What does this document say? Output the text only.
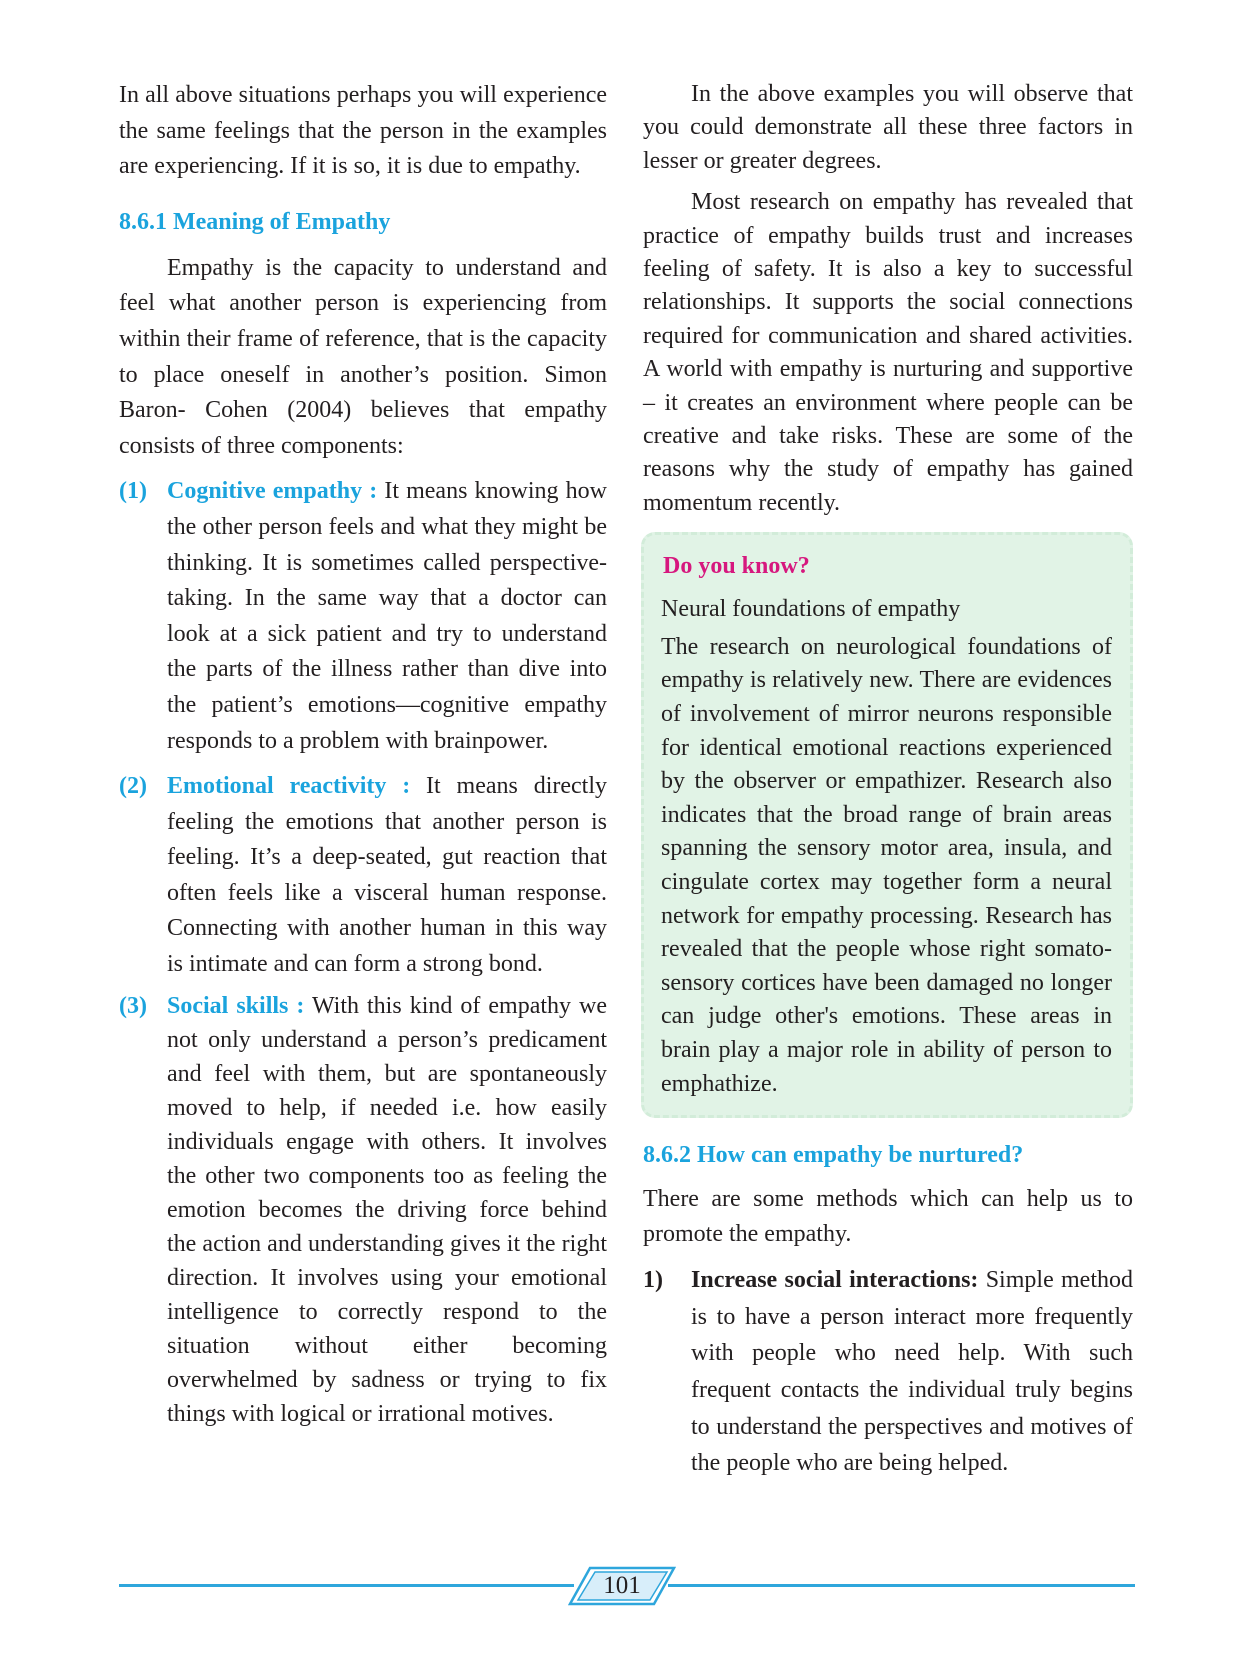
In all above situations perhaps you will experience the same feelings that the person in the examples are experiencing. If it is so, it is due to empathy.

8.6.1 Meaning of Empathy

Empathy is the capacity to understand and feel what another person is experiencing from within their frame of reference, that is the capacity to place oneself in another’s position. Simon Baron- Cohen (2004) believes that empathy consists of three components:

(1) Cognitive empathy : It means knowing how the other person feels and what they might be thinking. It is sometimes called perspective-taking. In the same way that a doctor can look at a sick patient and try to understand the parts of the illness rather than dive into the patient’s emotions—cognitive empathy responds to a problem with brainpower.

(2) Emotional reactivity : It means directly feeling the emotions that another person is feeling. It’s a deep-seated, gut reaction that often feels like a visceral human response. Connecting with another human in this way is intimate and can form a strong bond.

(3) Social skills : With this kind of empathy we not only understand a person’s predicament and feel with them, but are spontaneously moved to help, if needed i.e. how easily individuals engage with others. It involves the other two components too as feeling the emotion becomes the driving force behind the action and understanding gives it the right direction. It involves using your emotional intelligence to correctly respond to the situation without either becoming overwhelmed by sadness or trying to fix things with logical or irrational motives.

In the above examples you will observe that you could demonstrate all these three factors in lesser or greater degrees.

Most research on empathy has revealed that practice of empathy builds trust and increases feeling of safety. It is also a key to successful relationships. It supports the social connections required for communication and shared activities. A world with empathy is nurturing and supportive – it creates an environment where people can be creative and take risks. These are some of the reasons why the study of empathy has gained momentum recently.

Do you know?

Neural foundations of empathy

The research on neurological foundations of empathy is relatively new. There are evidences of involvement of mirror neurons responsible for identical emotional reactions experienced by the observer or empathizer. Research also indicates that the broad range of brain areas spanning the sensory motor area, insula, and cingulate cortex may together form a neural network for empathy processing. Research has revealed that the people whose right somato-sensory cortices have been damaged no longer can judge other's emotions. These areas in brain play a major role in ability of person to emphathize.

8.6.2 How can empathy be nurtured?

There are some methods which can help us to promote the empathy.

1) Increase social interactions: Simple method is to have a person interact more frequently with people who need help. With such frequent contacts the individual truly begins to understand the perspectives and motives of the people who are being helped.

101
